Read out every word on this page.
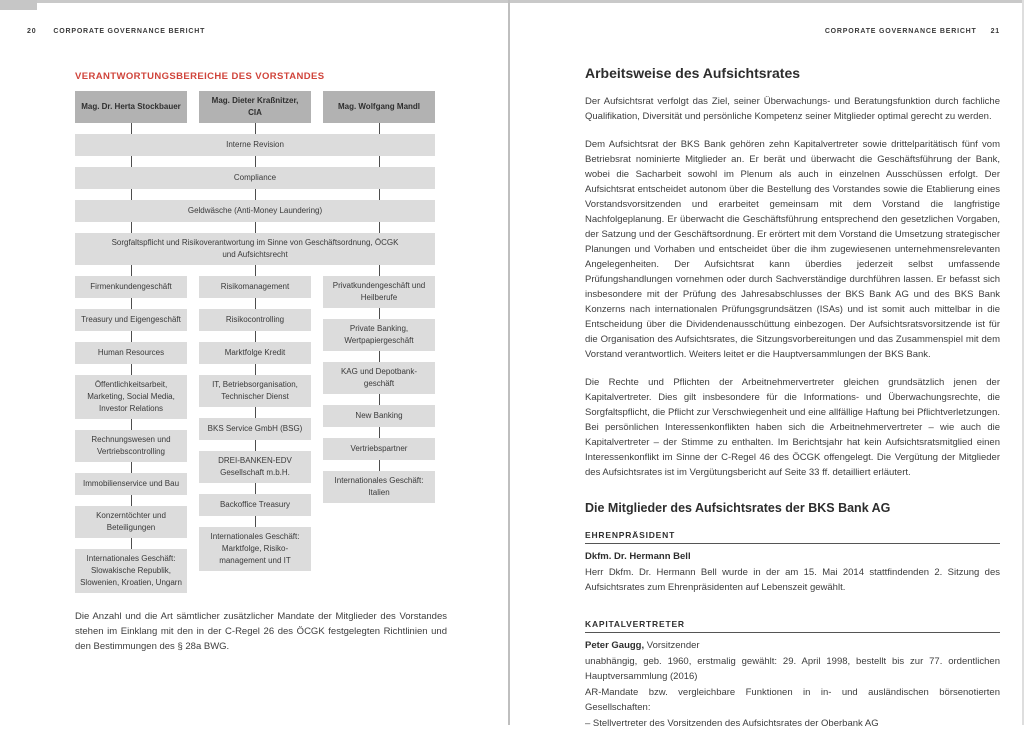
20 CORPORATE GOVERNANCE BERICHT
VERANTWORTUNGSBEREICHE DES VORSTANDES
Mag. Dr. Herta Stockbauer
Mag. Dieter Kraßnitzer, CIA
Mag. Wolfgang Mandl
Interne Revision
Compliance
Geldwäsche (Anti-Money Laundering)
Sorgfaltspflicht und Risikoverantwortung im Sinne von Geschäftsordnung, ÖCGK und Aufsichtsrecht
Firmenkundengeschäft
Treasury und Eigengeschäft
Human Resources
Öffentlichkeitsarbeit, Marketing, Social Media, Investor Relations
Rechnungswesen und Vertriebscontrolling
Immobilienservice und Bau
Konzerntöchter und Beteiligungen
Internationales Geschäft: Slowakische Republik, Slowenien, Kroatien, Ungarn
Risikomanagement
Risikocontrolling
Marktfolge Kredit
IT, Betriebsorganisation, Technischer Dienst
BKS Service GmbH (BSG)
DREI-BANKEN-EDV Gesellschaft m.b.H.
Backoffice Treasury
Internationales Geschäft: Marktfolge, Risikomanagement und IT
Privatkundengeschäft und Heilberufe
Private Banking, Wertpapiergeschäft
KAG und Depotbankgeschäft
New Banking
Vertriebspartner
Internationales Geschäft: Italien

Die Anzahl und die Art sämtlicher zusätzlicher Mandate der Mitglieder des Vorstandes stehen im Einklang mit den in der C-Regel 26 des ÖCGK festgelegten Richtlinien und den Bestimmungen des § 28a BWG.

CORPORATE GOVERNANCE BERICHT 21
Arbeitsweise des Aufsichtsrates

Der Aufsichtsrat verfolgt das Ziel, seiner Überwachungs- und Beratungsfunktion durch fachliche Qualifikation, Diversität und persönliche Kompetenz seiner Mitglieder optimal gerecht zu werden.

Dem Aufsichtsrat der BKS Bank gehören zehn Kapitalvertreter sowie drittelparitätisch fünf vom Betriebsrat nominierte Mitglieder an. Er berät und überwacht die Geschäftsführung der Bank, wobei die Sacharbeit sowohl im Plenum als auch in einzelnen Ausschüssen erfolgt. Der Aufsichtsrat entscheidet autonom über die Bestellung des Vorstandes sowie die Etablierung eines Vorstandsvorsitzenden und erarbeitet gemeinsam mit dem Vorstand die langfristige Nachfolgeplanung. Er überwacht die Geschäftsführung entsprechend den gesetzlichen Vorgaben, der Satzung und der Geschäftsordnung. Er erörtert mit dem Vorstand die Umsetzung strategischer Planungen und Vorhaben und entscheidet über die ihm zugewiesenen unternehmensrelevanten Angelegenheiten. Der Aufsichtsrat kann überdies jederzeit selbst umfassende Prüfungshandlungen vornehmen oder durch Sachverständige durchführen lassen. Er befasst sich insbesondere mit der Prüfung des Jahresabschlusses der BKS Bank AG und des BKS Bank Konzerns nach internationalen Prüfungsgrundsätzen (ISAs) und ist somit auch mittelbar in die Entscheidung über die Dividendenausschüttung einbezogen. Der Aufsichtsratsvorsitzende ist für die Organisation des Aufsichtsrates, die Sitzungsvorbereitungen und das Zusammenspiel mit dem Vorstand verantwortlich. Weiters leitet er die Hauptversammlungen der BKS Bank.

Die Rechte und Pflichten der Arbeitnehmervertreter gleichen grundsätzlich jenen der Kapitalvertreter. Dies gilt insbesondere für die Informations- und Überwachungsrechte, die Sorgfaltspflicht, die Pflicht zur Verschwiegenheit und eine allfällige Haftung bei Pflichtverletzungen. Bei persönlichen Interessenkonflikten haben sich die Arbeitnehmervertreter – wie auch die Kapitalvertreter – der Stimme zu enthalten. Im Berichtsjahr hat kein Aufsichtsratsmitglied einen Interessenkonflikt im Sinne der C-Regel 46 des ÖCGK offengelegt. Die Vergütung der Mitglieder des Aufsichtsrates ist im Vergütungsbericht auf Seite 33 ff. detailliert erläutert.

Die Mitglieder des Aufsichtsrates der BKS Bank AG
EHRENPRÄSIDENT
Dkfm. Dr. Hermann Bell

Herr Dkfm. Dr. Hermann Bell wurde in der am 15. Mai 2014 stattfindenden 2. Sitzung des Aufsichtsrates zum Ehrenpräsidenten auf Lebenszeit gewählt.

KAPITALVERTRETER
Peter Gaugg, Vorsitzender

unabhängig, geb. 1960, erstmalig gewählt: 29. April 1998, bestellt bis zur 77. ordentlichen Hauptversammlung (2016)

AR-Mandate bzw. vergleichbare Funktionen in in- und ausländischen börsenotierten Gesellschaften:

– Stellvertreter des Vorsitzenden des Aufsichtsrates der Oberbank AG
